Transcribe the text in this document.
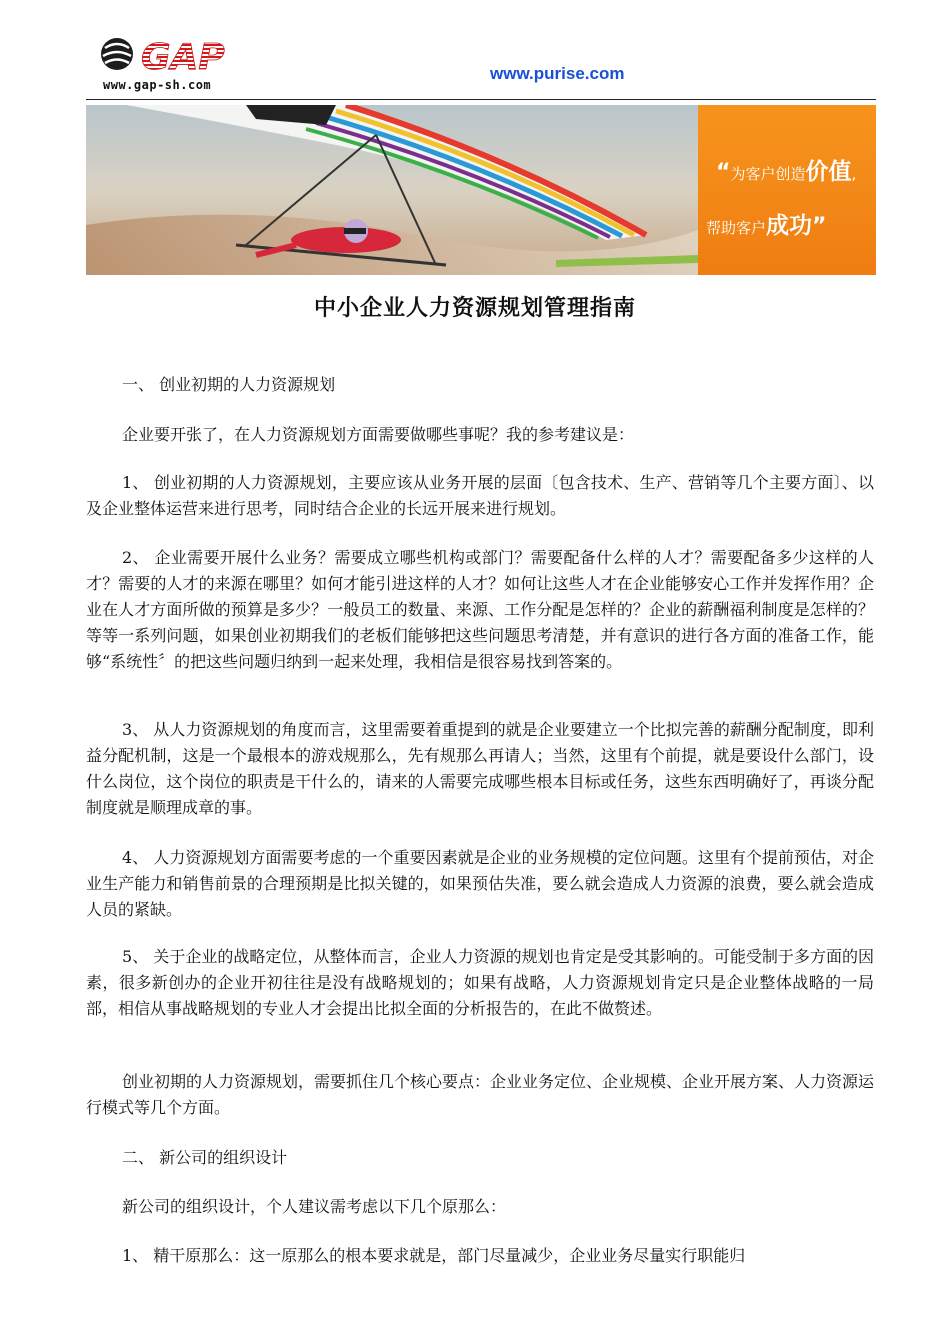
GAP
www.gap-sh.com
www.purise.com
“为客户创造价值,
帮助客户成功”
中小企业人力资源规划管理指南

一、 创业初期的人力资源规划

企业要开张了，在人力资源规划方面需要做哪些事呢？我的参考建议是：

1、 创业初期的人力资源规划，主要应该从业务开展的层面〔包含技术、生产、营销等几个主要方面〕、以及企业整体运营来进行思考，同时结合企业的长远开展来进行规划。

2、 企业需要开展什么业务？需要成立哪些机构或部门？需要配备什么样的人才？需要配备多少这样的人才？需要的人才的来源在哪里？如何才能引进这样的人才？如何让这些人才在企业能够安心工作并发挥作用？企业在人才方面所做的预算是多少？一般员工的数量、来源、工作分配是怎样的？企业的薪酬福利制度是怎样的？等等一系列问题，如果创业初期我们的老板们能够把这些问题思考清楚，并有意识的进行各方面的准备工作，能够“系统性〞的把这些问题归纳到一起来处理，我相信是很容易找到答案的。

3、 从人力资源规划的角度而言，这里需要着重提到的就是企业要建立一个比拟完善的薪酬分配制度，即利益分配机制，这是一个最根本的游戏规那么，先有规那么再请人；当然，这里有个前提，就是要设什么部门，设什么岗位，这个岗位的职责是干什么的，请来的人需要完成哪些根本目标或任务，这些东西明确好了，再谈分配制度就是顺理成章的事。

4、 人力资源规划方面需要考虑的一个重要因素就是企业的业务规模的定位问题。这里有个提前预估，对企业生产能力和销售前景的合理预期是比拟关键的，如果预估失准，要么就会造成人力资源的浪费，要么就会造成人员的紧缺。

5、 关于企业的战略定位，从整体而言，企业人力资源的规划也肯定是受其影响的。可能受制于多方面的因素，很多新创办的企业开初往往是没有战略规划的；如果有战略，人力资源规划肯定只是企业整体战略的一局部，相信从事战略规划的专业人才会提出比拟全面的分析报告的，在此不做赘述。

创业初期的人力资源规划，需要抓住几个核心要点：企业业务定位、企业规模、企业开展方案、人力资源运行模式等几个方面。

二、 新公司的组织设计

新公司的组织设计，个人建议需考虑以下几个原那么：

1、 精干原那么：这一原那么的根本要求就是，部门尽量减少，企业业务尽量实行职能归
